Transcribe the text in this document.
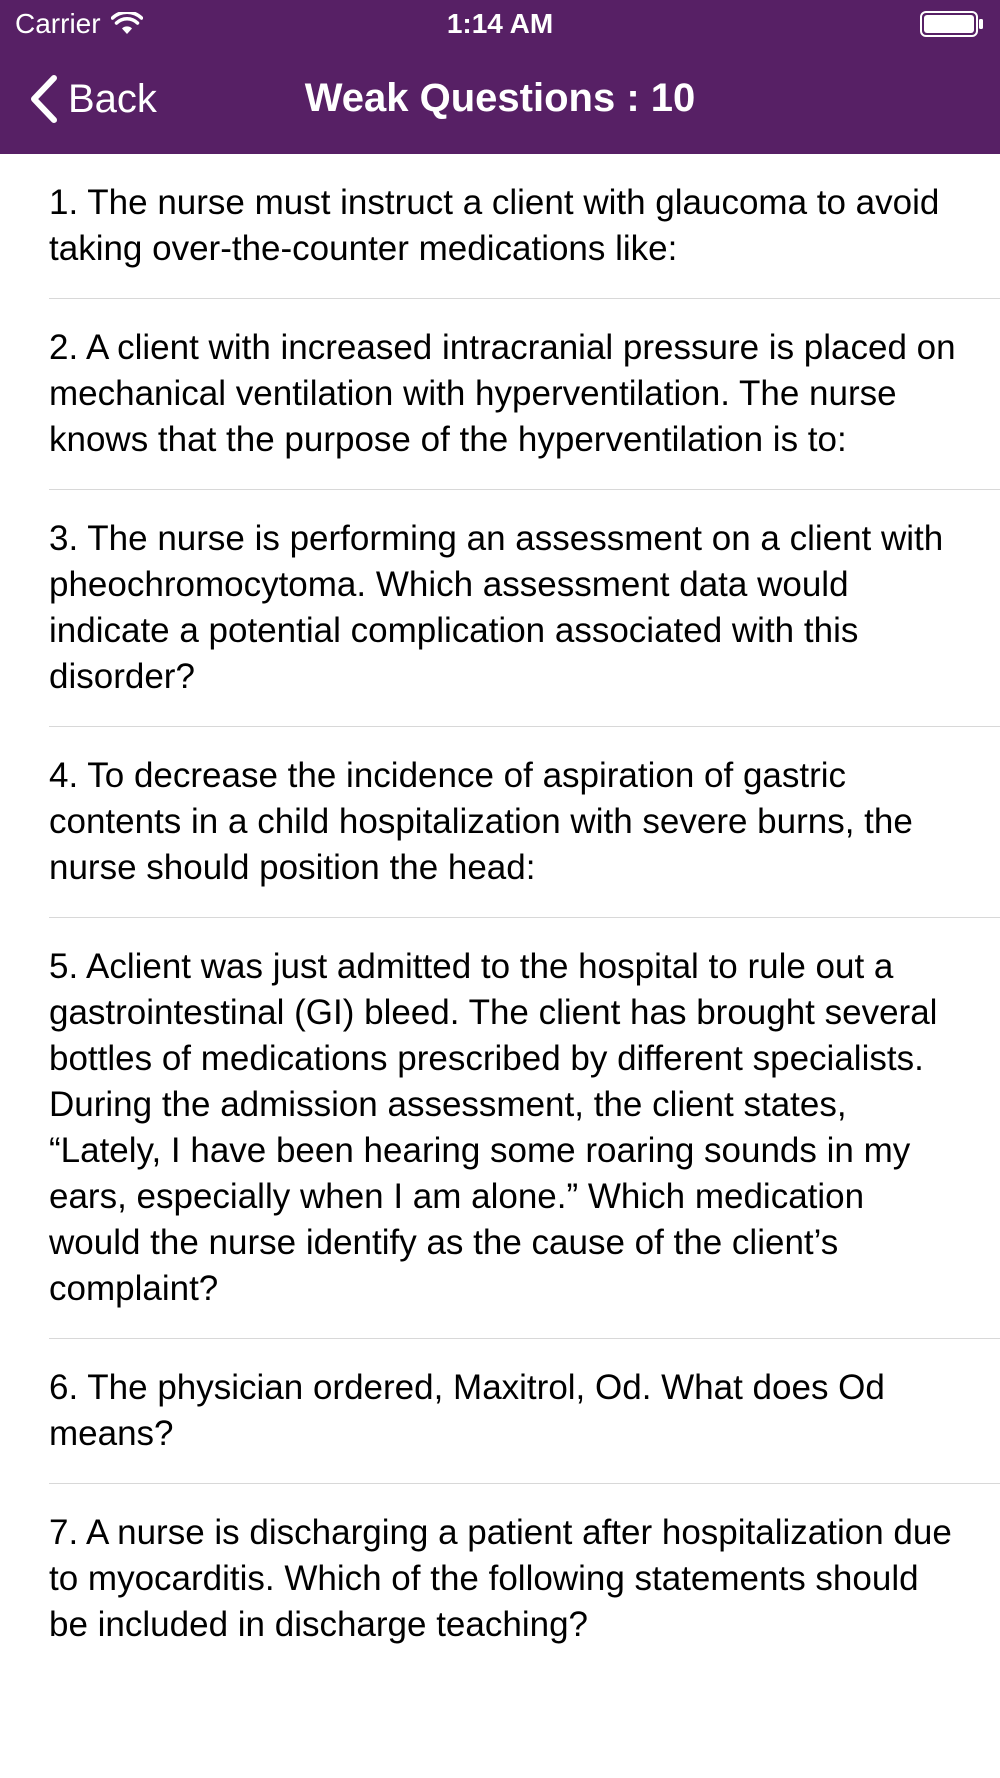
Carrier	1:14 AM
Back	Weak Questions : 10
1. The nurse must instruct a client with glaucoma to avoid taking over-the-counter medications like:
2. A client with increased intracranial pressure is placed on mechanical ventilation with hyperventilation. The nurse knows that the purpose of the hyperventilation is to:
3. The nurse is performing an assessment on a client with pheochromocytoma. Which assessment data would indicate a potential complication associated with this disorder?
4. To decrease the incidence of aspiration of gastric contents in a child hospitalization with severe burns, the nurse should position the head:
5. Aclient was just admitted to the hospital to rule out a gastrointestinal (GI) bleed. The client has brought several bottles of medications prescribed by different specialists. During the admission assessment, the client states, “Lately, I have been hearing some roaring sounds in my ears, especially when I am alone.” Which medication would the nurse identify as the cause of the client’s complaint?
6. The physician ordered, Maxitrol, Od. What does Od means?
7. A nurse is discharging a patient after hospitalization due to myocarditis. Which of the following statements should be included in discharge teaching?
